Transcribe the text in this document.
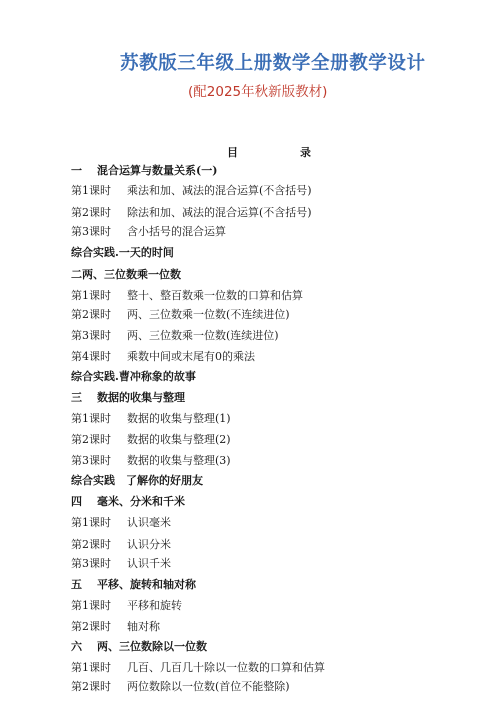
苏教版三年级上册数学全册教学设计
(配2025年秋新版教材)
目	录
一 混合运算与数量关系(一)
第1课时 乘法和加、减法的混合运算(不含括号)
第2课时 除法和加、减法的混合运算(不含括号)
第3课时 含小括号的混合运算
综合实践.一天的时间
二两、三位数乘一位数
第1课时 整十、整百数乘一位数的口算和估算
第2课时 两、三位数乘一位数(不连续进位)
第3课时 两、三位数乘一位数(连续进位)
第4课时 乘数中间或末尾有0的乘法
综合实践.曹冲称象的故事
三 数据的收集与整理
第1课时 数据的收集与整理(1)
第2课时 数据的收集与整理(2)
第3课时 数据的收集与整理(3)
综合实践　了解你的好朋友
四 毫米、分米和千米
第1课时 认识毫米
第2课时 认识分米
第3课时 认识千米
五 平移、旋转和轴对称
第1课时 平移和旋转
第2课时 轴对称
六 两、三位数除以一位数
第1课时 几百、几百几十除以一位数的口算和估算
第2课时 两位数除以一位数(首位不能整除)
